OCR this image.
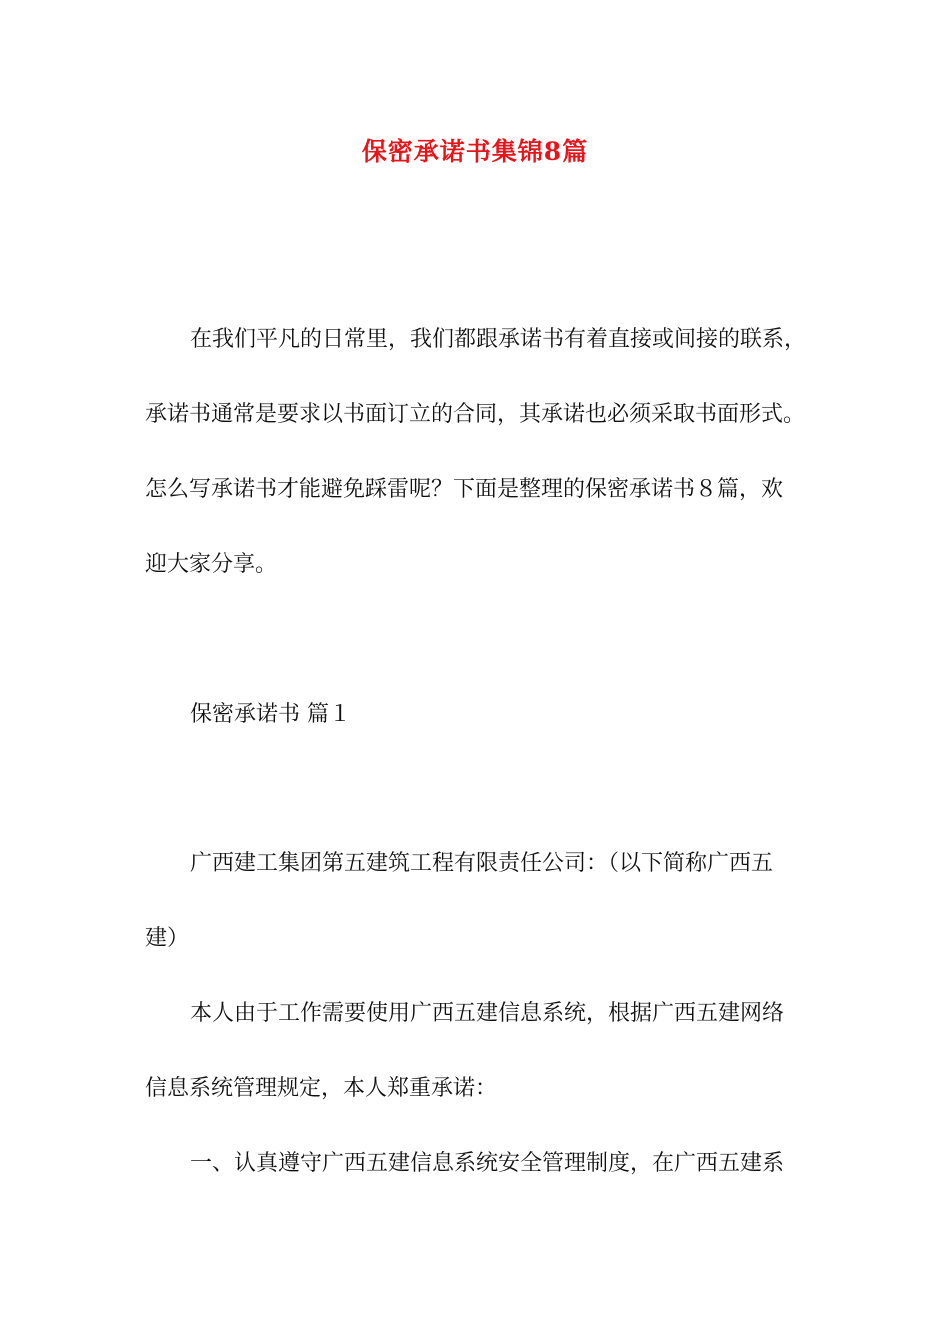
保密承诺书集锦8篇
在我们平凡的日常里，我们都跟承诺书有着直接或间接的联系，
承诺书通常是要求以书面订立的合同，其承诺也必须采取书面形式。
怎么写承诺书才能避免踩雷呢？下面是整理的保密承诺书８篇，欢
迎大家分享。
保密承诺书 篇１
广西建工集团第五建筑工程有限责任公司：（以下简称广西五
建）
本人由于工作需要使用广西五建信息系统，根据广西五建网络
信息系统管理规定，本人郑重承诺：
一、认真遵守广西五建信息系统安全管理制度，在广西五建系
